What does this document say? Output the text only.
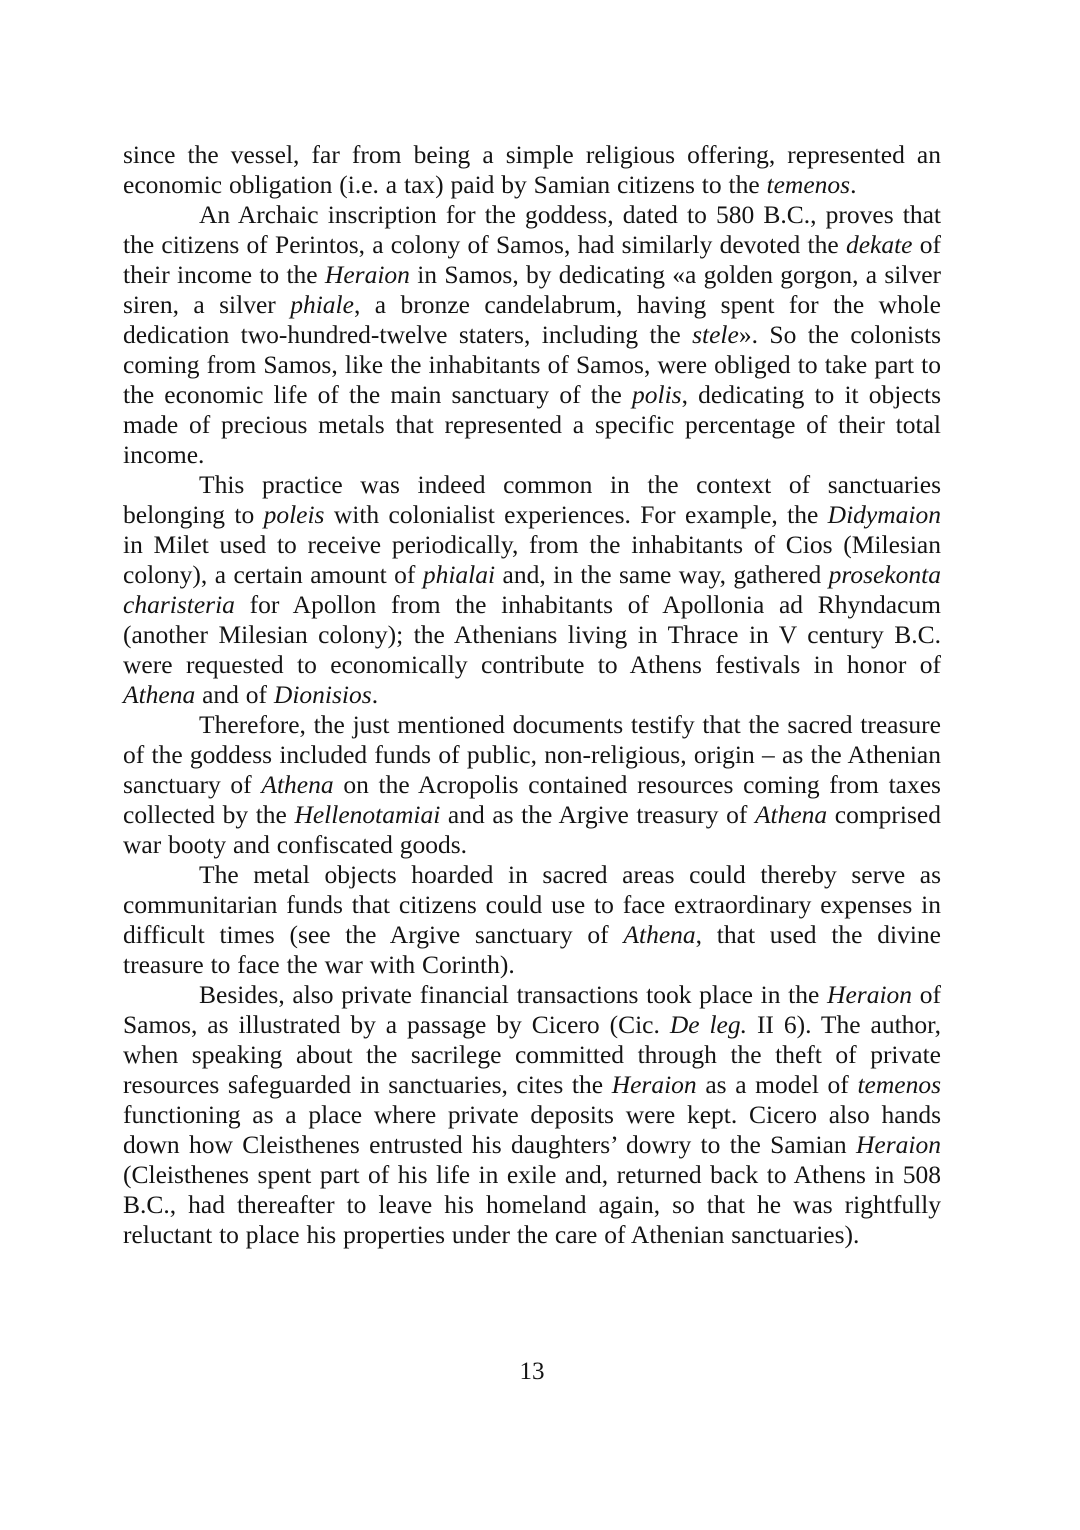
since the vessel, far from being a simple religious offering, represented an economic obligation (i.e. a tax) paid by Samian citizens to the temenos.

An Archaic inscription for the goddess, dated to 580 B.C., proves that the citizens of Perintos, a colony of Samos, had similarly devoted the dekate of their income to the Heraion in Samos, by dedicating «a golden gorgon, a silver siren, a silver phiale, a bronze candelabrum, having spent for the whole dedication two-hundred-twelve staters, including the stele». So the colonists coming from Samos, like the inhabitants of Samos, were obliged to take part to the economic life of the main sanctuary of the polis, dedicating to it objects made of precious metals that represented a specific percentage of their total income.

This practice was indeed common in the context of sanctuaries belonging to poleis with colonialist experiences. For example, the Didymaion in Milet used to receive periodically, from the inhabitants of Cios (Milesian colony), a certain amount of phialai and, in the same way, gathered prosekonta charisteria for Apollon from the inhabitants of Apollonia ad Rhyndacum (another Milesian colony); the Athenians living in Thrace in V century B.C. were requested to economically contribute to Athens festivals in honor of Athena and of Dionisios.

Therefore, the just mentioned documents testify that the sacred treasure of the goddess included funds of public, non-religious, origin – as the Athenian sanctuary of Athena on the Acropolis contained resources coming from taxes collected by the Hellenotamiai and as the Argive treasury of Athena comprised war booty and confiscated goods.

The metal objects hoarded in sacred areas could thereby serve as communitarian funds that citizens could use to face extraordinary expenses in difficult times (see the Argive sanctuary of Athena, that used the divine treasure to face the war with Corinth).

Besides, also private financial transactions took place in the Heraion of Samos, as illustrated by a passage by Cicero (Cic. De leg. II 6). The author, when speaking about the sacrilege committed through the theft of private resources safeguarded in sanctuaries, cites the Heraion as a model of temenos functioning as a place where private deposits were kept. Cicero also hands down how Cleisthenes entrusted his daughters’ dowry to the Samian Heraion (Cleisthenes spent part of his life in exile and, returned back to Athens in 508 B.C., had thereafter to leave his homeland again, so that he was rightfully reluctant to place his properties under the care of Athenian sanctuaries).

13
